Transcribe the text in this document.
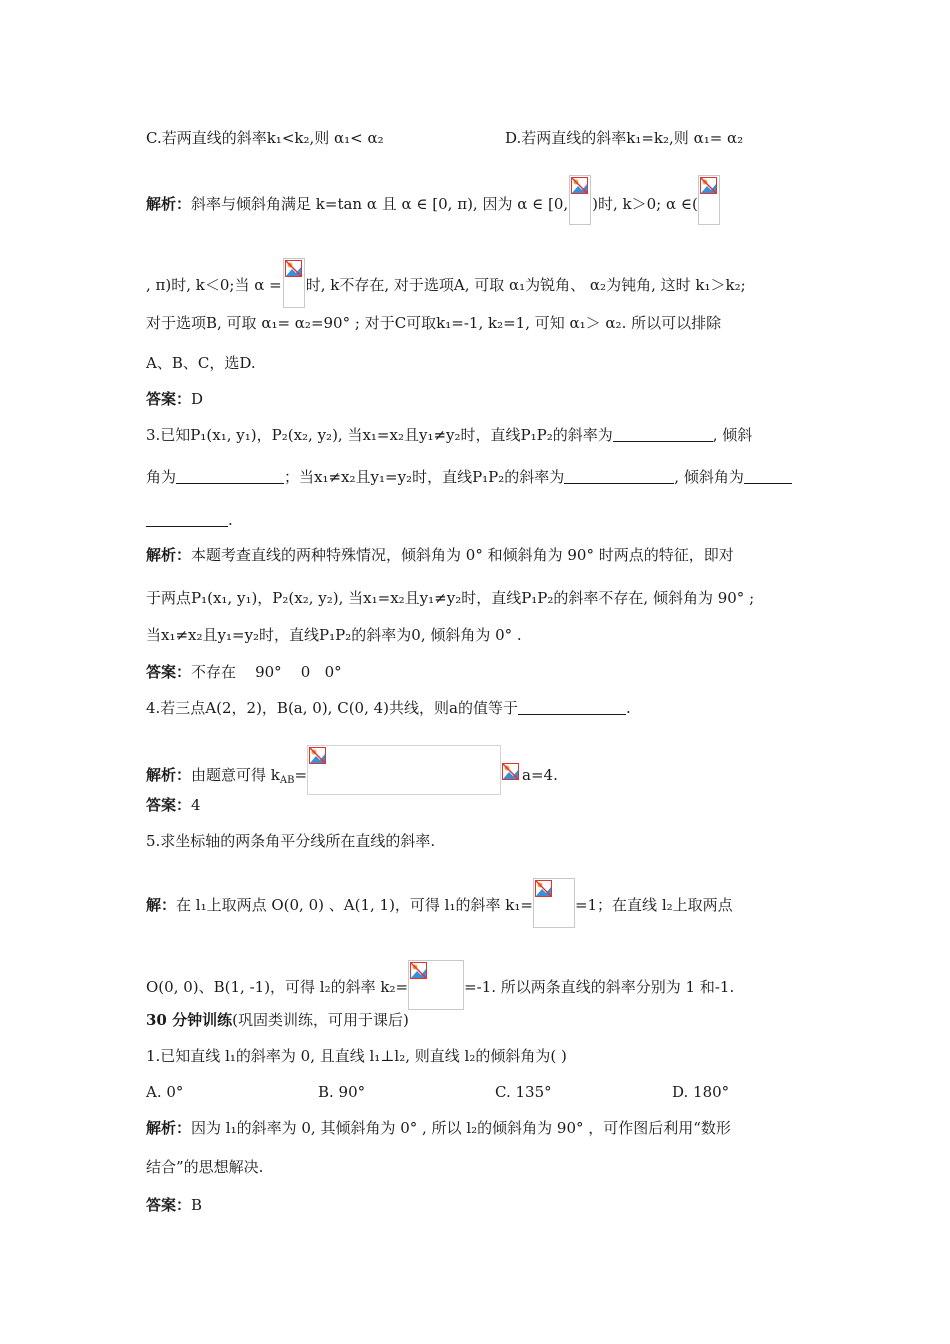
C.若两直线的斜率k₁<k₂,则 α₁< α₂	D.若两直线的斜率k₁=k₂,则 α₁= α₂
解析：斜率与倾斜角满足 k=tan α 且 α ∈ [0, π), 因为 α ∈ [0, )时, k＞0; α ∈(
, π)时, k＜0;当 α = 时, k不存在, 对于选项A, 可取 α₁为锐角、 α₂为钝角, 这时 k₁＞k₂;
对于选项B, 可取 α₁= α₂=90° ; 对于C可取k₁=-1, k₂=1, 可知 α₁＞ α₂. 所以可以排除
A、B、C，选D.
答案：D
3.已知P₁(x₁, y₁)，P₂(x₂, y₂), 当x₁=x₂且y₁≠y₂时，直线P₁P₂的斜率为	, 倾斜
角为	；当x₁≠x₂且y₁=y₂时，直线P₁P₂的斜率为	, 倾斜角为
.
解析：本题考查直线的两种特殊情况，倾斜角为 0° 和倾斜角为 90° 时两点的特征，即对
于两点P₁(x₁, y₁)，P₂(x₂, y₂), 当x₁=x₂且y₁≠y₂时，直线P₁P₂的斜率不存在, 倾斜角为 90° ;
当x₁≠x₂且y₁=y₂时，直线P₁P₂的斜率为0, 倾斜角为 0° .
答案：不存在    90°    0   0°
4.若三点A(2，2)，B(a, 0), C(0, 4)共线，则a的值等于	.
解析：由题意可得 $k_{AB}=$	a=4.
答案：4
5.求坐标轴的两条角平分线所在直线的斜率.
解：在 l₁上取两点 O(0, 0) 、A(1, 1)，可得 l₁的斜率 k₁=	=1；在直线 l₂上取两点
O(0, 0)、B(1, -1)，可得 l₂的斜率 k₂=	=-1. 所以两条直线的斜率分别为 1 和-1.
30 分钟训练(巩固类训练，可用于课后)
1.已知直线 l₁的斜率为 0, 且直线 l₁⊥l₂, 则直线 l₂的倾斜角为( )
A. 0°	B. 90°	C. 135°	D. 180°
解析：因为 l₁的斜率为 0, 其倾斜角为 0° , 所以 l₂的倾斜角为 90° ，可作图后利用“数形
结合”的思想解决.
答案：B
